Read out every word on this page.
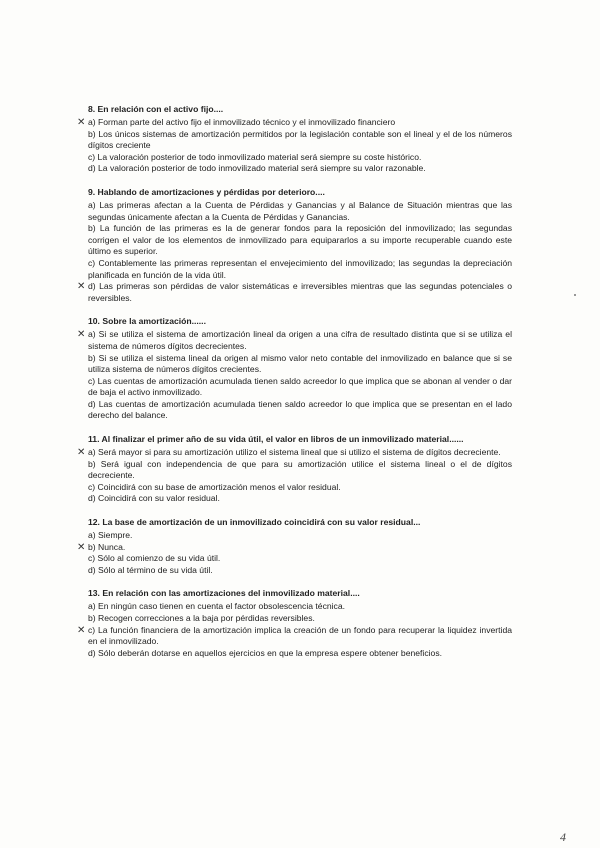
8. En relación con el activo fijo....
✕ a) Forman parte del activo fijo el inmovilizado técnico y el inmovilizado financiero
b) Los únicos sistemas de amortización permitidos por la legislación contable son el lineal y el de los números dígitos creciente
c) La valoración posterior de todo inmovilizado material será siempre su coste histórico.
d) La valoración posterior de todo inmovilizado material será siempre su valor razonable.
9. Hablando de amortizaciones y pérdidas por deterioro....
a) Las primeras afectan a la Cuenta de Pérdidas y Ganancias y al Balance de Situación mientras que las segundas únicamente afectan a la Cuenta de Pérdidas y Ganancias.
b) La función de las primeras es la de generar fondos para la reposición del inmovilizado; las segundas corrigen el valor de los elementos de inmovilizado para equipararlos a su importe recuperable cuando este último es superior.
c) Contablemente las primeras representan el envejecimiento del inmovilizado; las segundas la depreciación planificada en función de la vida útil.
✕ d) Las primeras son pérdidas de valor sistemáticas e irreversibles mientras que las segundas potenciales o reversibles.
10. Sobre la amortización......
✕ a) Si se utiliza el sistema de amortización lineal da origen a una cifra de resultado distinta que si se utiliza el sistema de números dígitos decrecientes.
b) Si se utiliza el sistema lineal da origen al mismo valor neto contable del inmovilizado en balance que si se utiliza sistema de números dígitos crecientes.
c) Las cuentas de amortización acumulada tienen saldo acreedor lo que implica que se abonan al vender o dar de baja el activo inmovilizado.
d) Las cuentas de amortización acumulada tienen saldo acreedor lo que implica que se presentan en el lado derecho del balance.
11. Al finalizar el primer año de su vida útil, el valor en libros de un inmovilizado material......
✕ a) Será mayor si para su amortización utilizo el sistema lineal que si utilizo el sistema de dígitos decreciente.
b) Será igual con independencia de que para su amortización utilice el sistema lineal o el de dígitos decreciente.
c) Coincidirá con su base de amortización menos el valor residual.
d) Coincidirá con su valor residual.
12. La base de amortización de un inmovilizado coincidirá con su valor residual...
a) Siempre.
✕ b) Nunca.
c) Sólo al comienzo de su vida útil.
d) Sólo al término de su vida útil.
13. En relación con las amortizaciones del inmovilizado material....
a) En ningún caso tienen en cuenta el factor obsolescencia técnica.
b) Recogen correcciones a la baja por pérdidas reversibles.
✕ c) La función financiera de la amortización implica la creación de un fondo para recuperar la liquidez invertida en el inmovilizado.
d) Sólo deberán dotarse en aquellos ejercicios en que la empresa espere obtener beneficios.
4
